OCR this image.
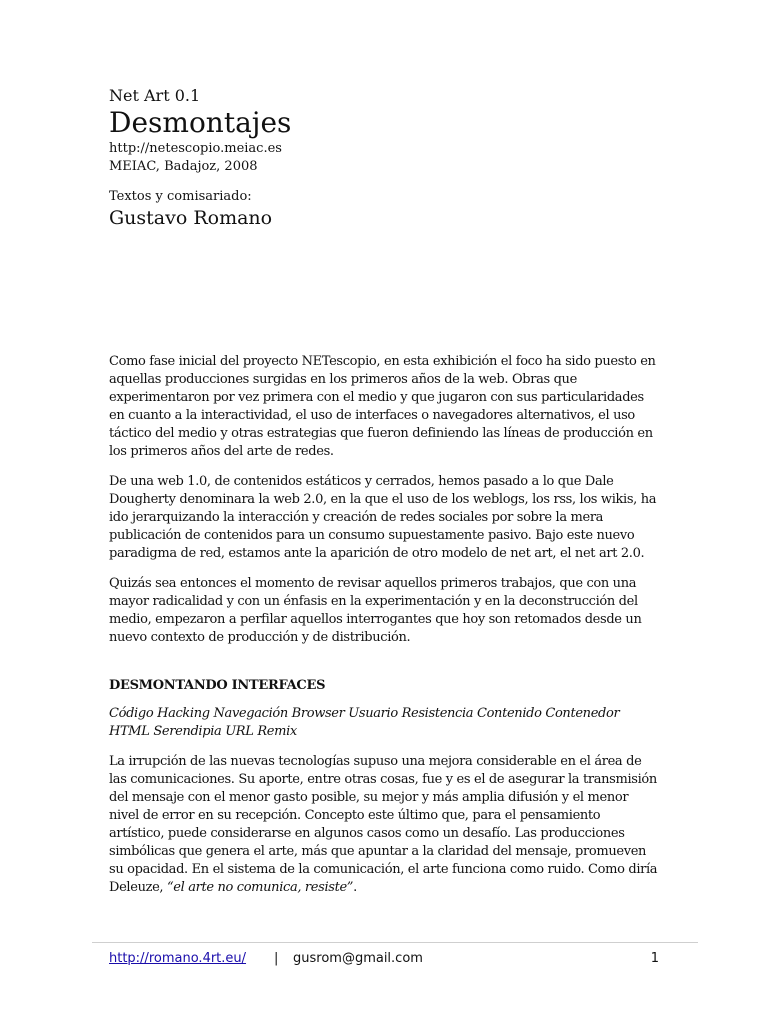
Net Art 0.1

Desmontajes

http://netescopio.meiac.es

MEIAC, Badajoz, 2008

Textos y comisariado:

Gustavo Romano

Como fase inicial del proyecto NETescopio, en esta exhibición el foco ha sido puesto en aquellas producciones surgidas en los primeros años de la web. Obras que experimentaron por vez primera con el medio y que jugaron con sus particularidades en cuanto a la interactividad, el uso de interfaces o navegadores alternativos, el uso táctico del medio y otras estrategias que fueron definiendo las líneas de producción en los primeros años del arte de redes.

De una web 1.0, de contenidos estáticos y cerrados, hemos pasado a lo que Dale Dougherty denominara la web 2.0, en la que el uso de los weblogs, los rss, los wikis, ha ido jerarquizando la interacción y creación de redes sociales por sobre la mera publicación de contenidos para un consumo supuestamente pasivo. Bajo este nuevo paradigma de red, estamos ante la aparición de otro modelo de net art, el net art 2.0.

Quizás sea entonces el momento de revisar aquellos primeros trabajos, que con una mayor radicalidad y con un énfasis en la experimentación y en la deconstrucción del medio, empezaron a perfilar aquellos interrogantes que hoy son retomados desde un nuevo contexto de producción y de distribución.

DESMONTANDO INTERFACES

Código Hacking Navegación Browser Usuario Resistencia Contenido Contenedor HTML Serendipia URL Remix

La irrupción de las nuevas tecnologías supuso una mejora considerable en el área de las comunicaciones. Su aporte, entre otras cosas, fue y es el de asegurar la transmisión del mensaje con el menor gasto posible, su mejor y más amplia difusión y el menor nivel de error en su recepción. Concepto este último que, para el pensamiento artístico, puede considerarse en algunos casos como un desafío. Las producciones simbólicas que genera el arte, más que apuntar a la claridad del mensaje, promueven su opacidad. En el sistema de la comunicación, el arte funciona como ruido. Como diría Deleuze, “el arte no comunica, resiste”.

http://romano.4rt.eu/ | gusrom@gmail.com	1
